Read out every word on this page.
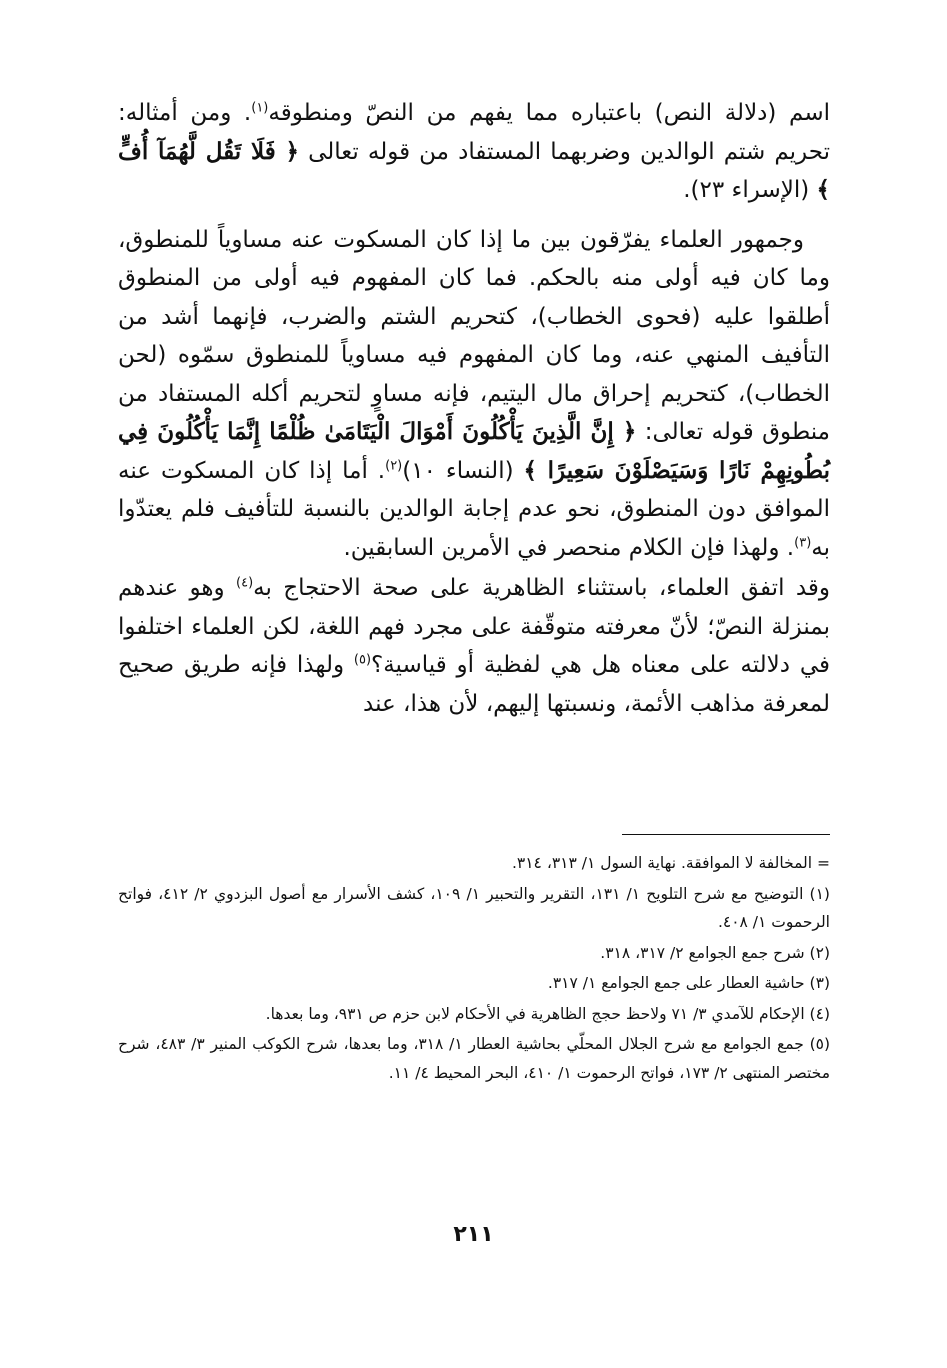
اسم (دلالة النص) باعتباره مما يفهم من النصّ ومنطوقه$^{(١)}$. ومن أمثاله: تحريم شتم الوالدين وضربهما المستفاد من قوله تعالى ﴿ فَلَا تَقُل لَّهُمَآ أُفٍّ ﴾ (الإسراء ٢٣).

وجمهور العلماء يفرّقون بين ما إذا كان المسكوت عنه مساوياً للمنطوق، وما كان فيه أولى منه بالحكم. فما كان المفهوم فيه أولى من المنطوق أطلقوا عليه (فحوى الخطاب)، كتحريم الشتم والضرب، فإنهما أشد من التأفيف المنهي عنه، وما كان المفهوم فيه مساوياً للمنطوق سمّوه (لحن الخطاب)، كتحريم إحراق مال اليتيم، فإنه مساوٍ لتحريم أكله المستفاد من منطوق قوله تعالى: ﴿ إِنَّ الَّذِينَ يَأْكُلُونَ أَمْوَالَ الْيَتَامَىٰ ظُلْمًا إِنَّمَا يَأْكُلُونَ فِي بُطُونِهِمْ نَارًا وَسَيَصْلَوْنَ سَعِيرًا ﴾ (النساء ١٠)$^{(٢)}$. أما إذا كان المسكوت عنه الموافق دون المنطوق، نحو عدم إجابة الوالدين بالنسبة للتأفيف فلم يعتدّوا به$^{(٣)}$. ولهذا فإن الكلام منحصر في الأمرين السابقين.

وقد اتفق العلماء، باستثناء الظاهرية على صحة الاحتجاج به$^{(٤)}$ وهو عندهم بمنزلة النصّ؛ لأنّ معرفته متوقّفة على مجرد فهم اللغة، لكن العلماء اختلفوا في دلالته على معناه هل هي لفظية أو قياسية؟$^{(٥)}$ ولهذا فإنه طريق صحيح لمعرفة مذاهب الأئمة، ونسبتها إليهم، لأن هذا، عند

= المخالفة لا الموافقة. نهاية السول ١/ ٣١٣، ٣١٤.

(١) التوضيح مع شرح التلويح ١/ ١٣١، التقرير والتحبير ١/ ١٠٩، كشف الأسرار مع أصول البزدوي ٢/ ٤١٢، فواتح الرحموت ١/ ٤٠٨.

(٢) شرح جمع الجوامع ٢/ ٣١٧، ٣١٨.

(٣) حاشية العطار على جمع الجوامع ١/ ٣١٧.

(٤) الإحكام للآمدي ٣/ ٧١ ولاحظ حجج الظاهرية في الأحكام لابن حزم ص ٩٣١، وما بعدها.

(٥) جمع الجوامع مع شرح الجلال المحلّي بحاشية العطار ١/ ٣١٨، وما بعدها، شرح الكوكب المنير ٣/ ٤٨٣، شرح مختصر المنتهى ٢/ ١٧٣، فواتح الرحموت ١/ ٤١٠، البحر المحيط ٤/ ١١.

٢١١
